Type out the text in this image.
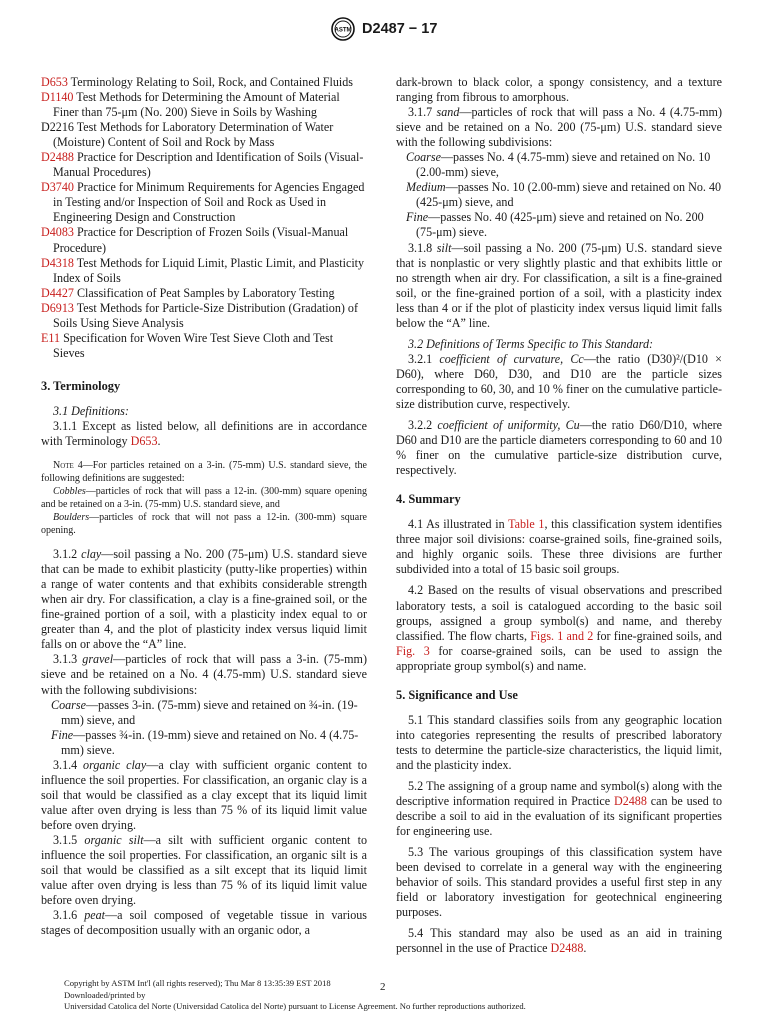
ASTM D2487 − 17

D653 Terminology Relating to Soil, Rock, and Contained Fluids

D1140 Test Methods for Determining the Amount of Material Finer than 75-μm (No. 200) Sieve in Soils by Washing

D2216 Test Methods for Laboratory Determination of Water (Moisture) Content of Soil and Rock by Mass

D2488 Practice for Description and Identification of Soils (Visual-Manual Procedures)

D3740 Practice for Minimum Requirements for Agencies Engaged in Testing and/or Inspection of Soil and Rock as Used in Engineering Design and Construction

D4083 Practice for Description of Frozen Soils (Visual-Manual Procedure)

D4318 Test Methods for Liquid Limit, Plastic Limit, and Plasticity Index of Soils

D4427 Classification of Peat Samples by Laboratory Testing

D6913 Test Methods for Particle-Size Distribution (Gradation) of Soils Using Sieve Analysis

E11 Specification for Woven Wire Test Sieve Cloth and Test Sieves

3. Terminology

3.1 Definitions:

3.1.1 Except as listed below, all definitions are in accordance with Terminology D653.

Note 4—For particles retained on a 3-in. (75-mm) U.S. standard sieve, the following definitions are suggested:

Cobbles—particles of rock that will pass a 12-in. (300-mm) square opening and be retained on a 3-in. (75-mm) U.S. standard sieve, and

Boulders—particles of rock that will not pass a 12-in. (300-mm) square opening.

3.1.2 clay—soil passing a No. 200 (75-μm) U.S. standard sieve that can be made to exhibit plasticity (putty-like properties) within a range of water contents and that exhibits considerable strength when air dry. For classification, a clay is a fine-grained soil, or the fine-grained portion of a soil, with a plasticity index equal to or greater than 4, and the plot of plasticity index versus liquid limit falls on or above the “A” line.

3.1.3 gravel—particles of rock that will pass a 3-in. (75-mm) sieve and be retained on a No. 4 (4.75-mm) U.S. standard sieve with the following subdivisions:

Coarse—passes 3-in. (75-mm) sieve and retained on ¾-in. (19-mm) sieve, and

Fine—passes ¾-in. (19-mm) sieve and retained on No. 4 (4.75-mm) sieve.

3.1.4 organic clay—a clay with sufficient organic content to influence the soil properties. For classification, an organic clay is a soil that would be classified as a clay except that its liquid limit value after oven drying is less than 75 % of its liquid limit value before oven drying.

3.1.5 organic silt—a silt with sufficient organic content to influence the soil properties. For classification, an organic silt is a soil that would be classified as a silt except that its liquid limit value after oven drying is less than 75 % of its liquid limit value before oven drying.

3.1.6 peat—a soil composed of vegetable tissue in various stages of decomposition usually with an organic odor, a

dark-brown to black color, a spongy consistency, and a texture ranging from fibrous to amorphous.

3.1.7 sand—particles of rock that will pass a No. 4 (4.75-mm) sieve and be retained on a No. 200 (75-μm) U.S. standard sieve with the following subdivisions:

Coarse—passes No. 4 (4.75-mm) sieve and retained on No. 10 (2.00-mm) sieve,

Medium—passes No. 10 (2.00-mm) sieve and retained on No. 40 (425-μm) sieve, and

Fine—passes No. 40 (425-μm) sieve and retained on No. 200 (75-μm) sieve.

3.1.8 silt—soil passing a No. 200 (75-μm) U.S. standard sieve that is nonplastic or very slightly plastic and that exhibits little or no strength when air dry. For classification, a silt is a fine-grained soil, or the fine-grained portion of a soil, with a plasticity index less than 4 or if the plot of plasticity index versus liquid limit falls below the “A” line.

3.2 Definitions of Terms Specific to This Standard:

3.2.1 coefficient of curvature, Cc—the ratio (D30)²/(D10 × D60), where D60, D30, and D10 are the particle sizes corresponding to 60, 30, and 10 % finer on the cumulative particle-size distribution curve, respectively.

3.2.2 coefficient of uniformity, Cu—the ratio D60/D10, where D60 and D10 are the particle diameters corresponding to 60 and 10 % finer on the cumulative particle-size distribution curve, respectively.

4. Summary

4.1 As illustrated in Table 1, this classification system identifies three major soil divisions: coarse-grained soils, fine-grained soils, and highly organic soils. These three divisions are further subdivided into a total of 15 basic soil groups.

4.2 Based on the results of visual observations and prescribed laboratory tests, a soil is catalogued according to the basic soil groups, assigned a group symbol(s) and name, and thereby classified. The flow charts, Figs. 1 and 2 for fine-grained soils, and Fig. 3 for coarse-grained soils, can be used to assign the appropriate group symbol(s) and name.

5. Significance and Use

5.1 This standard classifies soils from any geographic location into categories representing the results of prescribed laboratory tests to determine the particle-size characteristics, the liquid limit, and the plasticity index.

5.2 The assigning of a group name and symbol(s) along with the descriptive information required in Practice D2488 can be used to describe a soil to aid in the evaluation of its significant properties for engineering use.

5.3 The various groupings of this classification system have been devised to correlate in a general way with the engineering behavior of soils. This standard provides a useful first step in any field or laboratory investigation for geotechnical engineering purposes.

5.4 This standard may also be used as an aid in training personnel in the use of Practice D2488.

Copyright by ASTM Int'l (all rights reserved); Thu Mar 8 13:35:39 EST 2018
Downloaded/printed by
Universidad Catolica del Norte (Universidad Catolica del Norte) pursuant to License Agreement. No further reproductions authorized.
2
